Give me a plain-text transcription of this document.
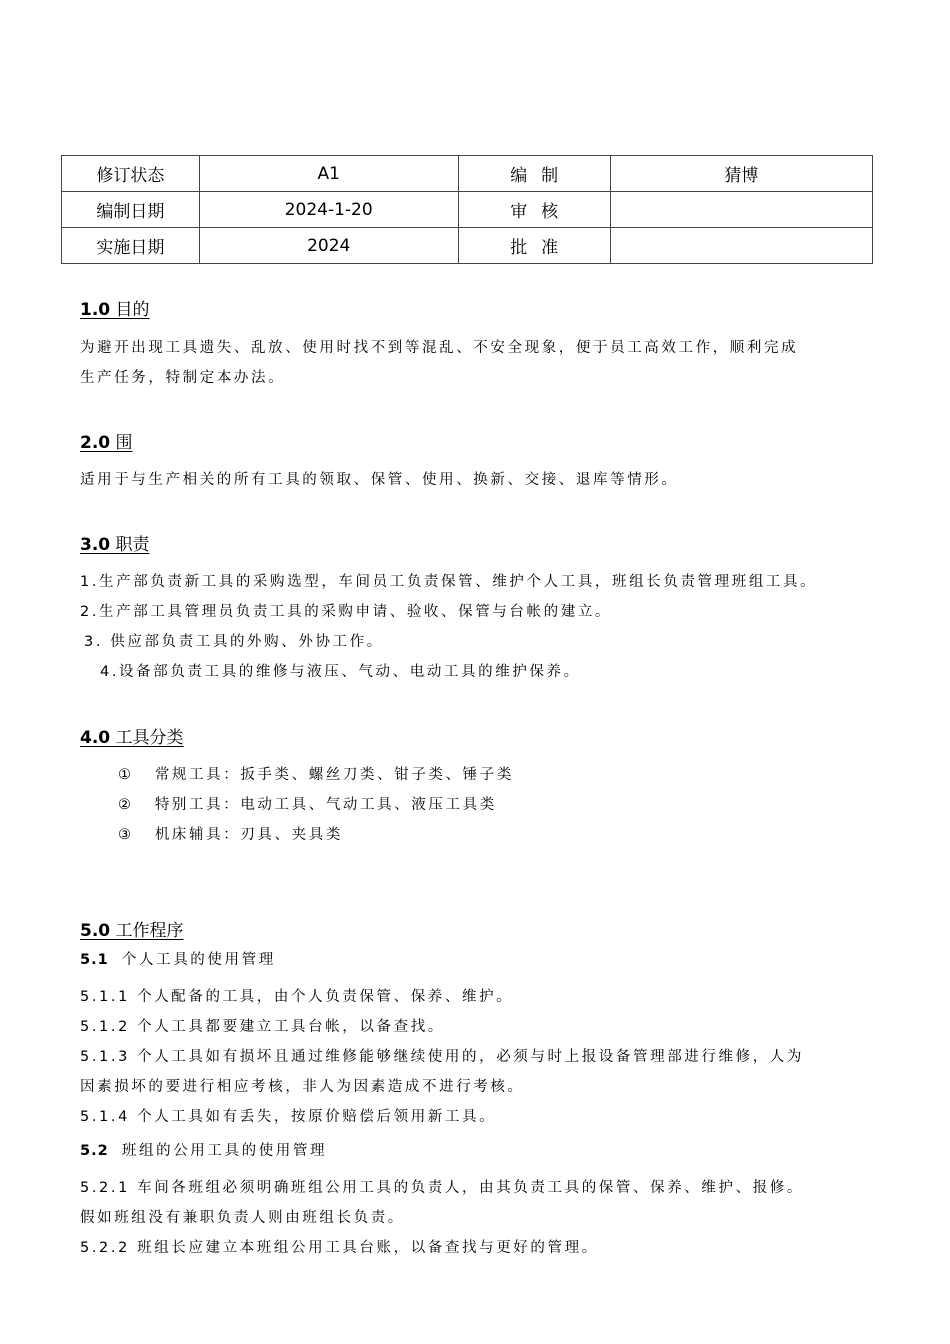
修订状态	A1	编制	猜博
编制日期	2024-1-20	审核	
实施日期	2024	批准	
1.0 目的
为避开出现工具遗失、乱放、使用时找不到等混乱、不安全现象，便于员工高效工作，顺利完成
生产任务，特制定本办法。
2.0 围
适用于与生产相关的所有工具的领取、保管、使用、换新、交接、退库等情形。
3.0 职责
1.生产部负责新工具的采购选型，车间员工负责保管、维护个人工具，班组长负责管理班组工具。
2.生产部工具管理员负责工具的采购申请、验收、保管与台帐的建立。
3. 供应部负责工具的外购、外协工作。
4.设备部负责工具的维修与液压、气动、电动工具的维护保养。
4.0 工具分类
① 常规工具：扳手类、螺丝刀类、钳子类、锤子类
② 特别工具：电动工具、气动工具、液压工具类
③ 机床辅具：刃具、夹具类
5.0 工作程序
5.1 个人工具的使用管理
5.1.1 个人配备的工具，由个人负责保管、保养、维护。
5.1.2 个人工具都要建立工具台帐，以备查找。
5.1.3 个人工具如有损坏且通过维修能够继续使用的，必须与时上报设备管理部进行维修，人为
因素损坏的要进行相应考核，非人为因素造成不进行考核。
5.1.4 个人工具如有丢失，按原价赔偿后领用新工具。
5.2 班组的公用工具的使用管理
5.2.1 车间各班组必须明确班组公用工具的负责人，由其负责工具的保管、保养、维护、报修。
假如班组没有兼职负责人则由班组长负责。
5.2.2 班组长应建立本班组公用工具台账，以备查找与更好的管理。
